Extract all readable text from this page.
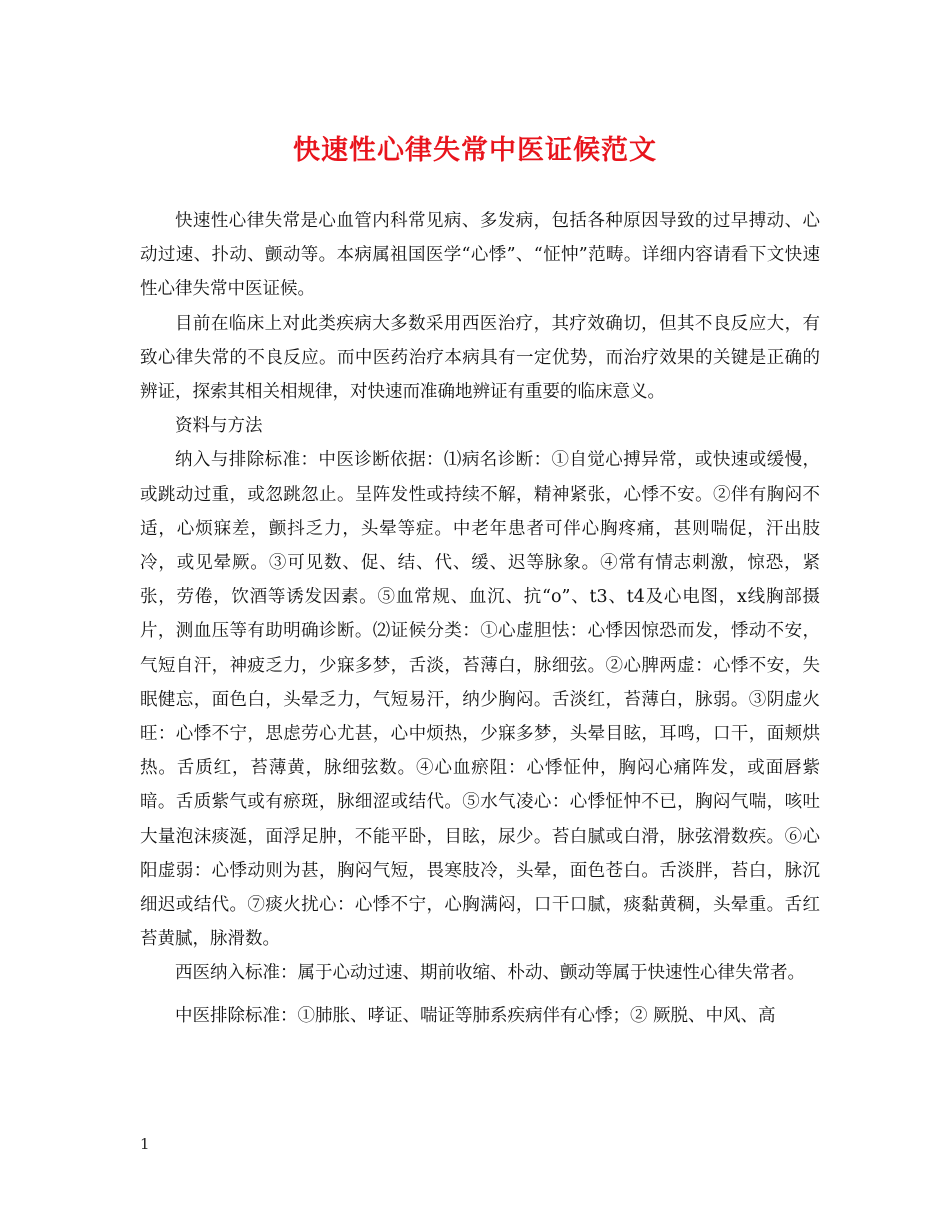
快速性心律失常中医证候范文

快速性心律失常是心血管内科常见病、多发病，包括各种原因导致的过早搏动、心动过速、扑动、颤动等。本病属祖国医学“心悸”、“怔忡”范畴。详细内容请看下文快速性心律失常中医证候。

目前在临床上对此类疾病大多数采用西医治疗，其疗效确切，但其不良反应大，有致心律失常的不良反应。而中医药治疗本病具有一定优势，而治疗效果的关键是正确的辨证，探索其相关相规律，对快速而准确地辨证有重要的临床意义。

资料与方法

纳入与排除标准：中医诊断依据：⑴病名诊断：①自觉心搏异常，或快速或缓慢，或跳动过重，或忽跳忽止。呈阵发性或持续不解，精神紧张，心悸不安。②伴有胸闷不适，心烦寐差，颤抖乏力，头晕等症。中老年患者可伴心胸疼痛，甚则喘促，汗出肢冷，或见晕厥。③可见数、促、结、代、缓、迟等脉象。④常有情志刺激，惊恐，紧张，劳倦，饮酒等诱发因素。⑤血常规、血沉、抗“o”、t3、t4及心电图，x线胸部摄片，测血压等有助明确诊断。⑵证候分类：①心虚胆怯：心悸因惊恐而发，悸动不安，气短自汗，神疲乏力，少寐多梦，舌淡，苔薄白，脉细弦。②心脾两虚：心悸不安，失眠健忘，面色白，头晕乏力，气短易汗，纳少胸闷。舌淡红，苔薄白，脉弱。③阴虚火旺：心悸不宁，思虑劳心尤甚，心中烦热，少寐多梦，头晕目眩，耳鸣，口干，面颊烘热。舌质红，苔薄黄，脉细弦数。④心血瘀阻：心悸怔仲，胸闷心痛阵发，或面唇紫暗。舌质紫气或有瘀斑，脉细涩或结代。⑤水气凌心：心悸怔忡不已，胸闷气喘，咳吐大量泡沫痰涎，面浮足肿，不能平卧，目眩，尿少。苔白腻或白滑，脉弦滑数疾。⑥心阳虚弱：心悸动则为甚，胸闷气短，畏寒肢冷，头晕，面色苍白。舌淡胖，苔白，脉沉细迟或结代。⑦痰火扰心：心悸不宁，心胸满闷，口干口腻，痰黏黄稠，头晕重。舌红苔黄腻，脉滑数。

西医纳入标准：属于心动过速、期前收缩、朴动、颤动等属于快速性心律失常者。

中医排除标准：①肺胀、哮证、喘证等肺系疾病伴有心悸；② 厥脱、中风、高

1
